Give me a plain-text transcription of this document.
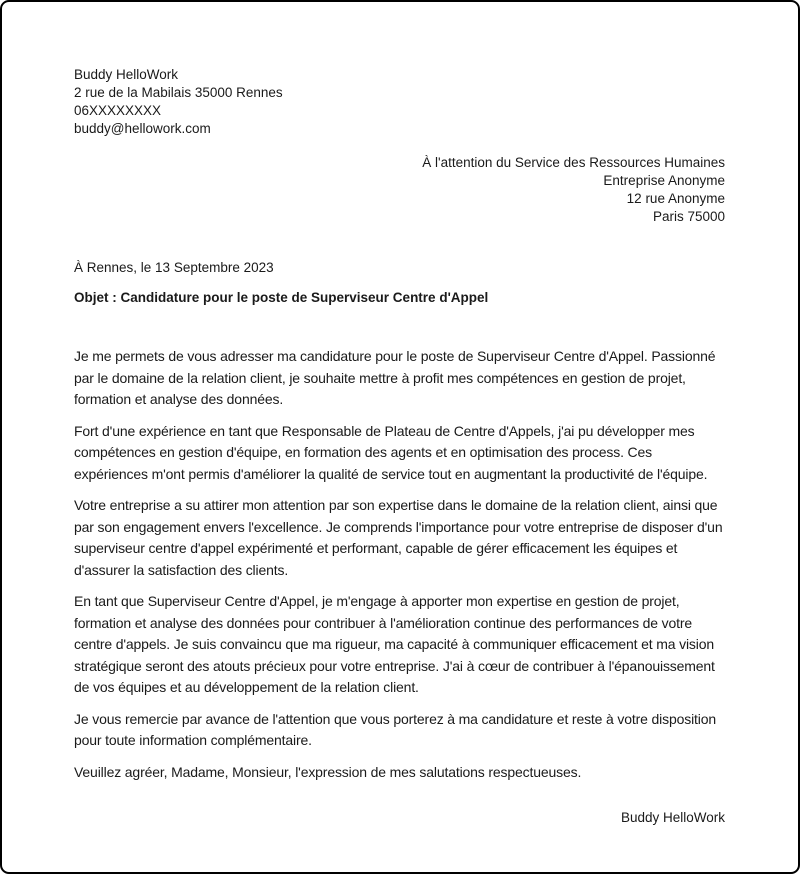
Buddy HelloWork
2 rue de la Mabilais 35000 Rennes
06XXXXXXXX
buddy@hellowork.com
À l'attention du Service des Ressources Humaines
Entreprise Anonyme
12 rue Anonyme
Paris 75000
À Rennes, le 13 Septembre 2023
Objet : Candidature pour le poste de Superviseur Centre d'Appel

Je me permets de vous adresser ma candidature pour le poste de Superviseur Centre d'Appel. Passionné par le domaine de la relation client, je souhaite mettre à profit mes compétences en gestion de projet, formation et analyse des données.

Fort d'une expérience en tant que Responsable de Plateau de Centre d'Appels, j'ai pu développer mes compétences en gestion d'équipe, en formation des agents et en optimisation des process. Ces expériences m'ont permis d'améliorer la qualité de service tout en augmentant la productivité de l'équipe.

Votre entreprise a su attirer mon attention par son expertise dans le domaine de la relation client, ainsi que par son engagement envers l'excellence. Je comprends l'importance pour votre entreprise de disposer d'un superviseur centre d'appel expérimenté et performant, capable de gérer efficacement les équipes et d'assurer la satisfaction des clients.

En tant que Superviseur Centre d'Appel, je m'engage à apporter mon expertise en gestion de projet, formation et analyse des données pour contribuer à l'amélioration continue des performances de votre centre d'appels. Je suis convaincu que ma rigueur, ma capacité à communiquer efficacement et ma vision stratégique seront des atouts précieux pour votre entreprise. J'ai à cœur de contribuer à l'épanouissement de vos équipes et au développement de la relation client.

Je vous remercie par avance de l'attention que vous porterez à ma candidature et reste à votre disposition pour toute information complémentaire.

Veuillez agréer, Madame, Monsieur, l'expression de mes salutations respectueuses.

Buddy HelloWork
